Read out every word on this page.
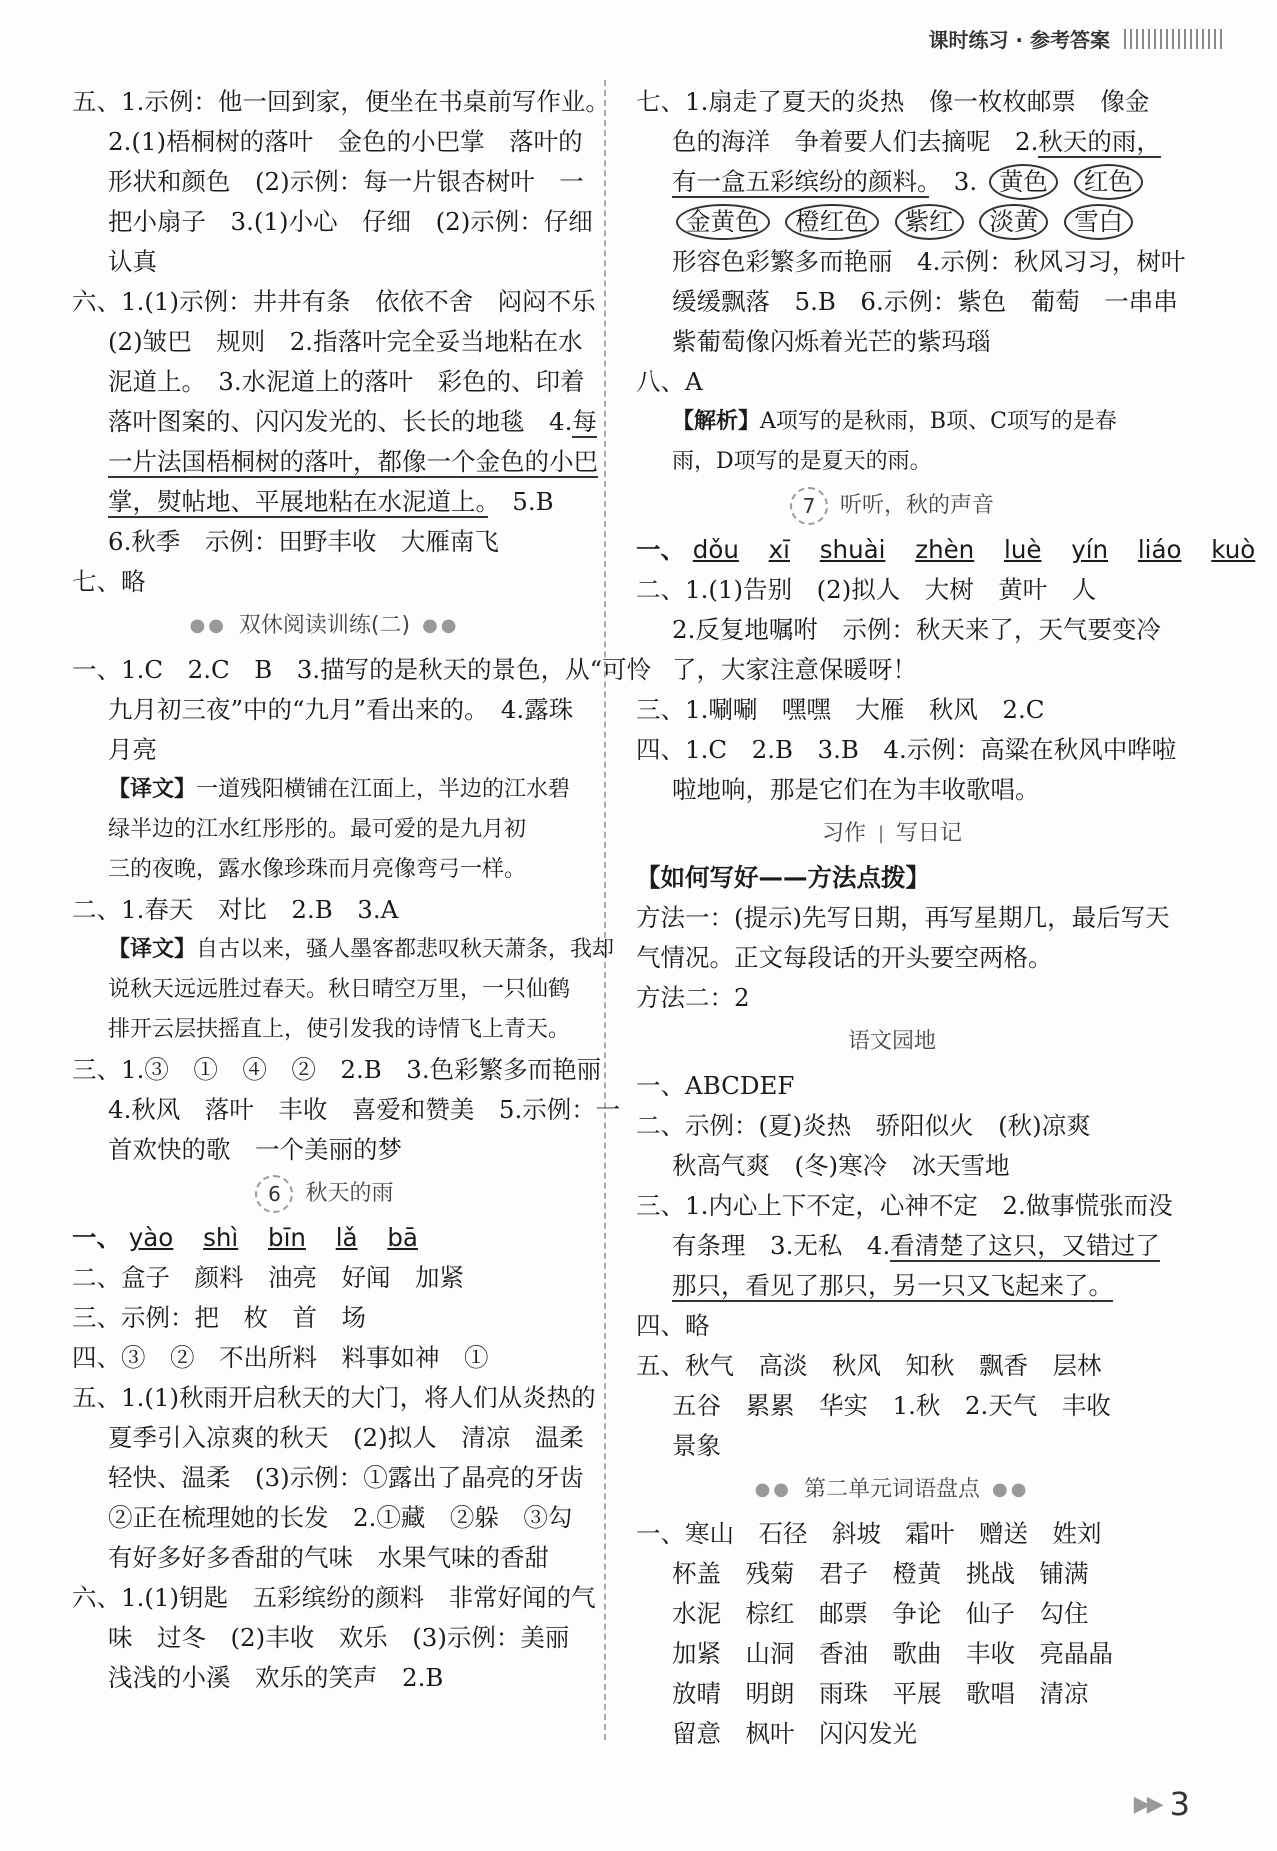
课时练习 · 参考答案
五、1.示例：他一回到家，便坐在书桌前写作业。
2.(1)梧桐树的落叶　金色的小巴掌　落叶的
形状和颜色　(2)示例：每一片银杏树叶　一
把小扇子　3.(1)小心　仔细　(2)示例：仔细
认真
六、1.(1)示例：井井有条　依依不舍　闷闷不乐
(2)皱巴　规则　2.指落叶完全妥当地粘在水
泥道上。　3.水泥道上的落叶　彩色的、印着
落叶图案的、闪闪发光的、长长的地毯　4.每
一片法国梧桐树的落叶，都像一个金色的小巴
掌，熨帖地、平展地粘在水泥道上。　5.B
6.秋季　示例：田野丰收　大雁南飞
七、略
●● 双休阅读训练(二) ●●
一、1.C　2.C　B　3.描写的是秋天的景色，从“可怜
九月初三夜”中的“九月”看出来的。　4.露珠
月亮
【译文】一道残阳横铺在江面上，半边的江水碧
绿半边的江水红彤彤的。最可爱的是九月初
三的夜晚，露水像珍珠而月亮像弯弓一样。
二、1.春天　对比　2.B　3.A
【译文】自古以来，骚人墨客都悲叹秋天萧条，我却
说秋天远远胜过春天。秋日晴空万里，一只仙鹤
排开云层扶摇直上，使引发我的诗情飞上青天。
三、1.③　①　④　②　2.B　3.色彩繁多而艳丽
4.秋风　落叶　丰收　喜爱和赞美　5.示例：一
首欢快的歌　一个美丽的梦
6	秋天的雨
一、 yào shì bīn lǎ bā
二、盒子　颜料　油亮　好闻　加紧
三、示例：把　枚　首　场
四、③　②　不出所料　料事如神　①
五、1.(1)秋雨开启秋天的大门，将人们从炎热的
夏季引入凉爽的秋天　(2)拟人　清凉　温柔
轻快、温柔　(3)示例：①露出了晶亮的牙齿
②正在梳理她的长发　2.①藏　②躲　③勾
有好多好多香甜的气味　水果气味的香甜
六、1.(1)钥匙　五彩缤纷的颜料　非常好闻的气
味　过冬　(2)丰收　欢乐　(3)示例：美丽
浅浅的小溪　欢乐的笑声　2.B
七、1.扇走了夏天的炎热　像一枚枚邮票　像金
色的海洋　争着要人们去摘呢　2.秋天的雨，
有一盒五彩缤纷的颜料。　3. 黄色 红色
金黄色 橙红色 紫红 淡黄 雪白
形容色彩繁多而艳丽　4.示例：秋风习习，树叶
缓缓飘落　5.B　6.示例：紫色　葡萄　一串串
紫葡萄像闪烁着光芒的紫玛瑙
八、A
【解析】A项写的是秋雨，B项、C项写的是春
雨，D项写的是夏天的雨。
7	听听，秋的声音
一、 dǒu xī shuài zhèn luè yín liáo kuò
二、1.(1)告别　(2)拟人　大树　黄叶　人
2.反复地嘱咐　示例：秋天来了，天气要变冷
了，大家注意保暖呀！
三、1.唰唰　嘿嘿　大雁　秋风　2.C
四、1.C　2.B　3.B　4.示例：高粱在秋风中哗啦
啦地响，那是它们在为丰收歌唱。
习作 | 写日记
【如何写好——方法点拨】
方法一：(提示)先写日期，再写星期几，最后写天
气情况。正文每段话的开头要空两格。
方法二：2
语文园地
一、ABCDEF
二、示例：(夏)炎热　骄阳似火　(秋)凉爽
秋高气爽　(冬)寒冷　冰天雪地
三、1.内心上下不定，心神不定　2.做事慌张而没
有条理　3.无私　4.看清楚了这只，又错过了
那只，看见了那只，另一只又飞起来了。
四、略
五、秋气　高淡　秋风　知秋　飘香　层林
五谷　累累　华实　1.秋　2.天气　丰收
景象
●● 第二单元词语盘点 ●●
一、寒山　石径　斜坡　霜叶　赠送　姓刘
杯盖　残菊　君子　橙黄　挑战　铺满
水泥　棕红　邮票　争论　仙子　勾住
加紧　山洞　香油　歌曲　丰收　亮晶晶
放晴　明朗　雨珠　平展　歌唱　清凉
留意　枫叶　闪闪发光
▶▶ 3
